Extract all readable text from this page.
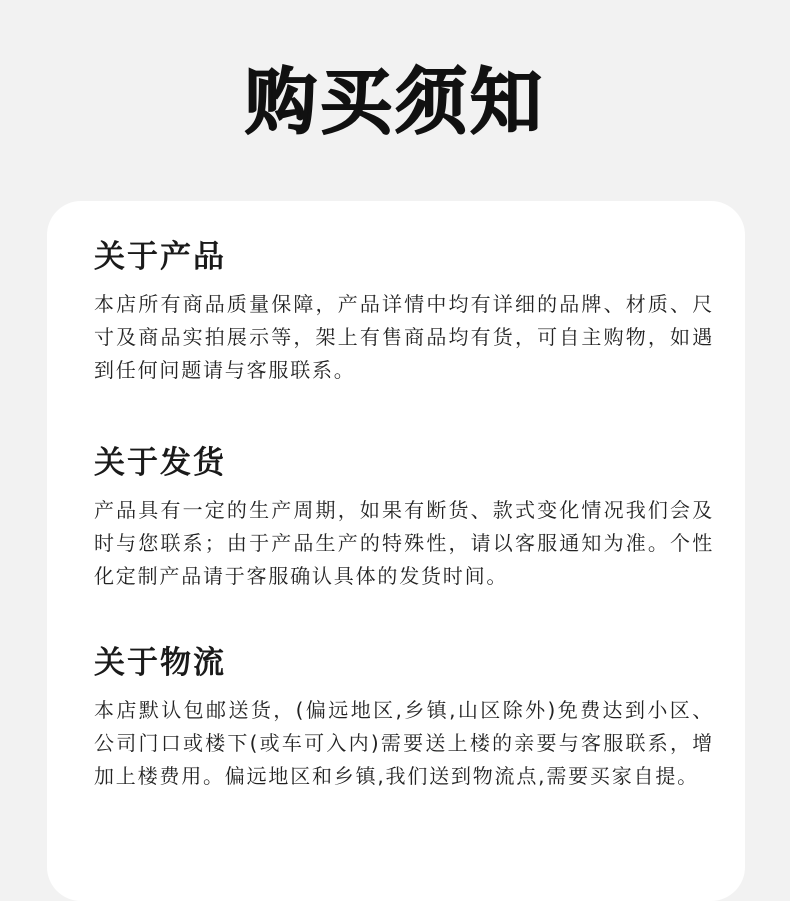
购买须知
关于产品

本店所有商品质量保障，产品详情中均有详细的品牌、材质、尺寸及商品实拍展示等，架上有售商品均有货，可自主购物，如遇到任何问题请与客服联系。

关于发货

产品具有一定的生产周期，如果有断货、款式变化情况我们会及时与您联系；由于产品生产的特殊性，请以客服通知为准。个性化定制产品请于客服确认具体的发货时间。

关于物流

本店默认包邮送货，(偏远地区,乡镇,山区除外)免费达到小区、公司门口或楼下(或车可入内)需要送上楼的亲要与客服联系，增加上楼费用。偏远地区和乡镇,我们送到物流点,需要买家自提。
